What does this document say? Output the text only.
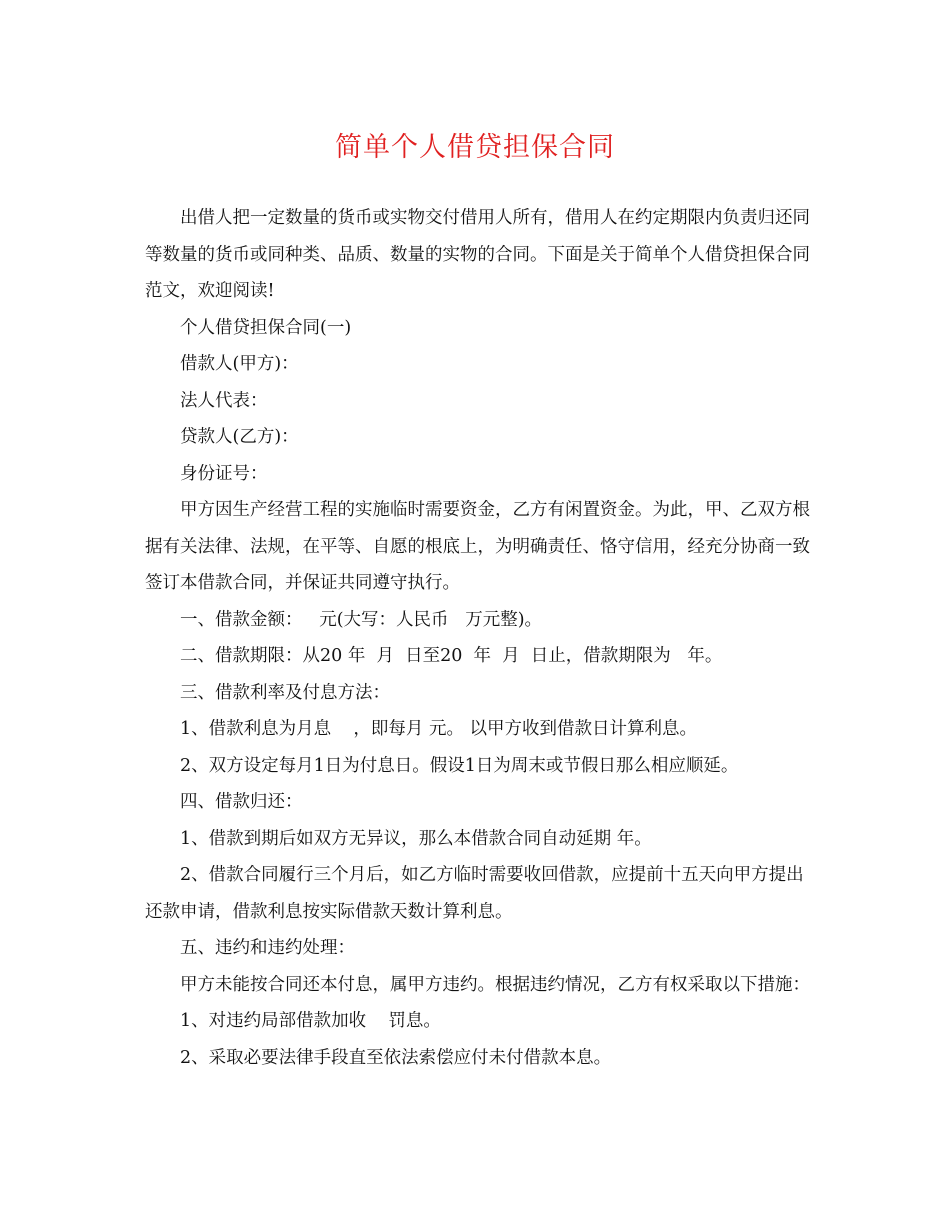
简单个人借贷担保合同

出借人把一定数量的货币或实物交付借用人所有，借用人在约定期限内负责归还同等数量的货币或同种类、品质、数量的实物的合同。下面是关于简单个人借贷担保合同范文，欢迎阅读!

个人借贷担保合同(一)

借款人(甲方)：

法人代表：

贷款人(乙方)：

身份证号：

甲方因生产经营工程的实施临时需要资金，乙方有闲置资金。为此，甲、乙双方根据有关法律、法规，在平等、自愿的根底上，为明确责任、恪守信用，经充分协商一致签订本借款合同，并保证共同遵守执行。

一、借款金额：   元(大写：人民币   万元整)。

二、借款期限：从20 年  月  日至20  年  月  日止，借款期限为   年。

三、借款利率及付息方法：

1、借款利息为月息    ，即每月 元。 以甲方收到借款日计算利息。

2、双方设定每月1日为付息日。假设1日为周末或节假日那么相应顺延。

四、借款归还：

1、借款到期后如双方无异议，那么本借款合同自动延期 年。

2、借款合同履行三个月后，如乙方临时需要收回借款，应提前十五天向甲方提出还款申请，借款利息按实际借款天数计算利息。

五、违约和违约处理：

甲方未能按合同还本付息，属甲方违约。根据违约情况，乙方有权采取以下措施：

1、对违约局部借款加收    罚息。

2、采取必要法律手段直至依法索偿应付未付借款本息。
